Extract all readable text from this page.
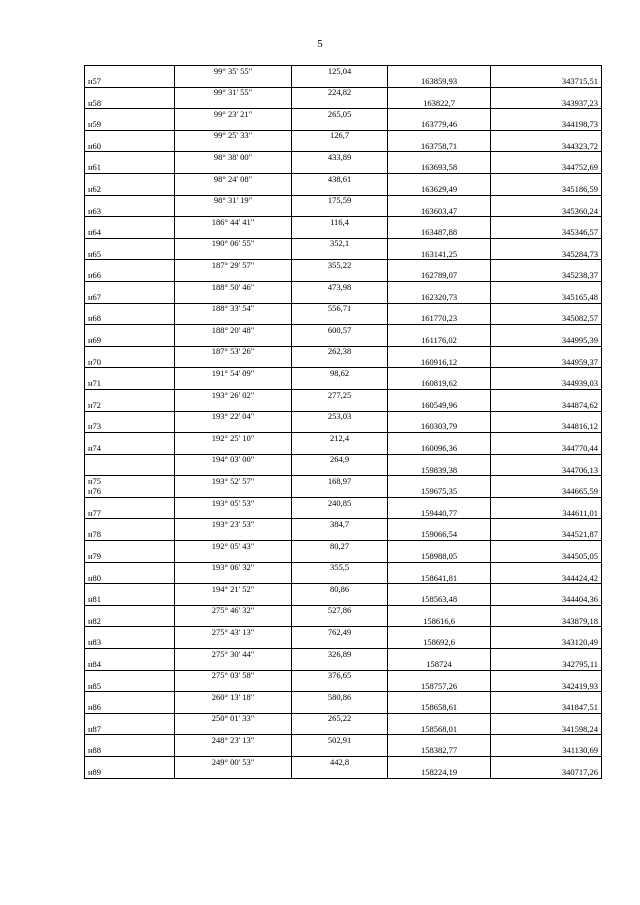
5
	99° 35' 55"	125,04		
н57			163859,93	343715,51
	99° 31' 55"	224,82		
н58			163822,7	343937,23
	99° 23' 21"	265,05		
н59			163779,46	344198,73
	99° 25' 33"	126,7		
н60			163758,71	344323,72
	98° 38' 00"	433,89		
н61			163693,58	344752,69
	98° 24' 08"	438,61		
н62			163629,49	345186,59
	98° 31' 19"	175,59		
н63			163603,47	345360,24
	186° 44' 41"	116,4		
н64			163487,88	345346,57
	190° 06' 55"	352,1		
н65			163141,25	345284,73
	187° 29' 57"	355,22		
н66			162789,07	345238,37
	188° 50' 46"	473,98		
н67			162320,73	345165,48
	188° 33' 54"	556,71		
н68			161770,23	345082,57
	188° 20' 48"	600,57		
н69			161176,02	344995,39
	187° 53' 26"	262,38		
н70			160916,12	344959,37
	191° 54' 09"	98,62		
н71			160819,62	344939,03
	193° 26' 02"	277,25		
н72			160549,96	344874,62
	193° 22' 04"	253,03		
н73			160303,79	344816,12
	192° 25' 10"	212,4		
н74			160096,36	344770,44
	194° 03' 00"	264,9		
			159839,38	344706,13
н75	193° 52' 57"	168,97		
н76			159675,35	344665,59
	193° 05' 53"	240,85		
н77			159440,77	344611,01
	193° 23' 53"	384,7		
н78			159066,54	344521,87
	192° 05' 43"	80,27		
н79			158988,05	344505,05
	193° 06' 32"	355,5		
н80			158641,81	344424,42
	194° 21' 52"	80,86		
н81			158563,48	344404,36
	275° 46' 32"	527,86		
н82			158616,6	343879,18
	275° 43' 13"	762,49		
н83			158692,6	343120,49
	275° 30' 44"	326,89		
н84			158724	342795,11
	275° 03' 58"	376,65		
н85			158757,26	342419,93
	260° 13' 18"	580,86		
н86			158658,61	341847,51
	250° 01' 33"	265,22		
н87			158568,01	341598,24
	248° 23' 13"	502,91		
н88			158382,77	341130,69
	249° 00' 53"	442,8		
н89			158224,19	340717,26
